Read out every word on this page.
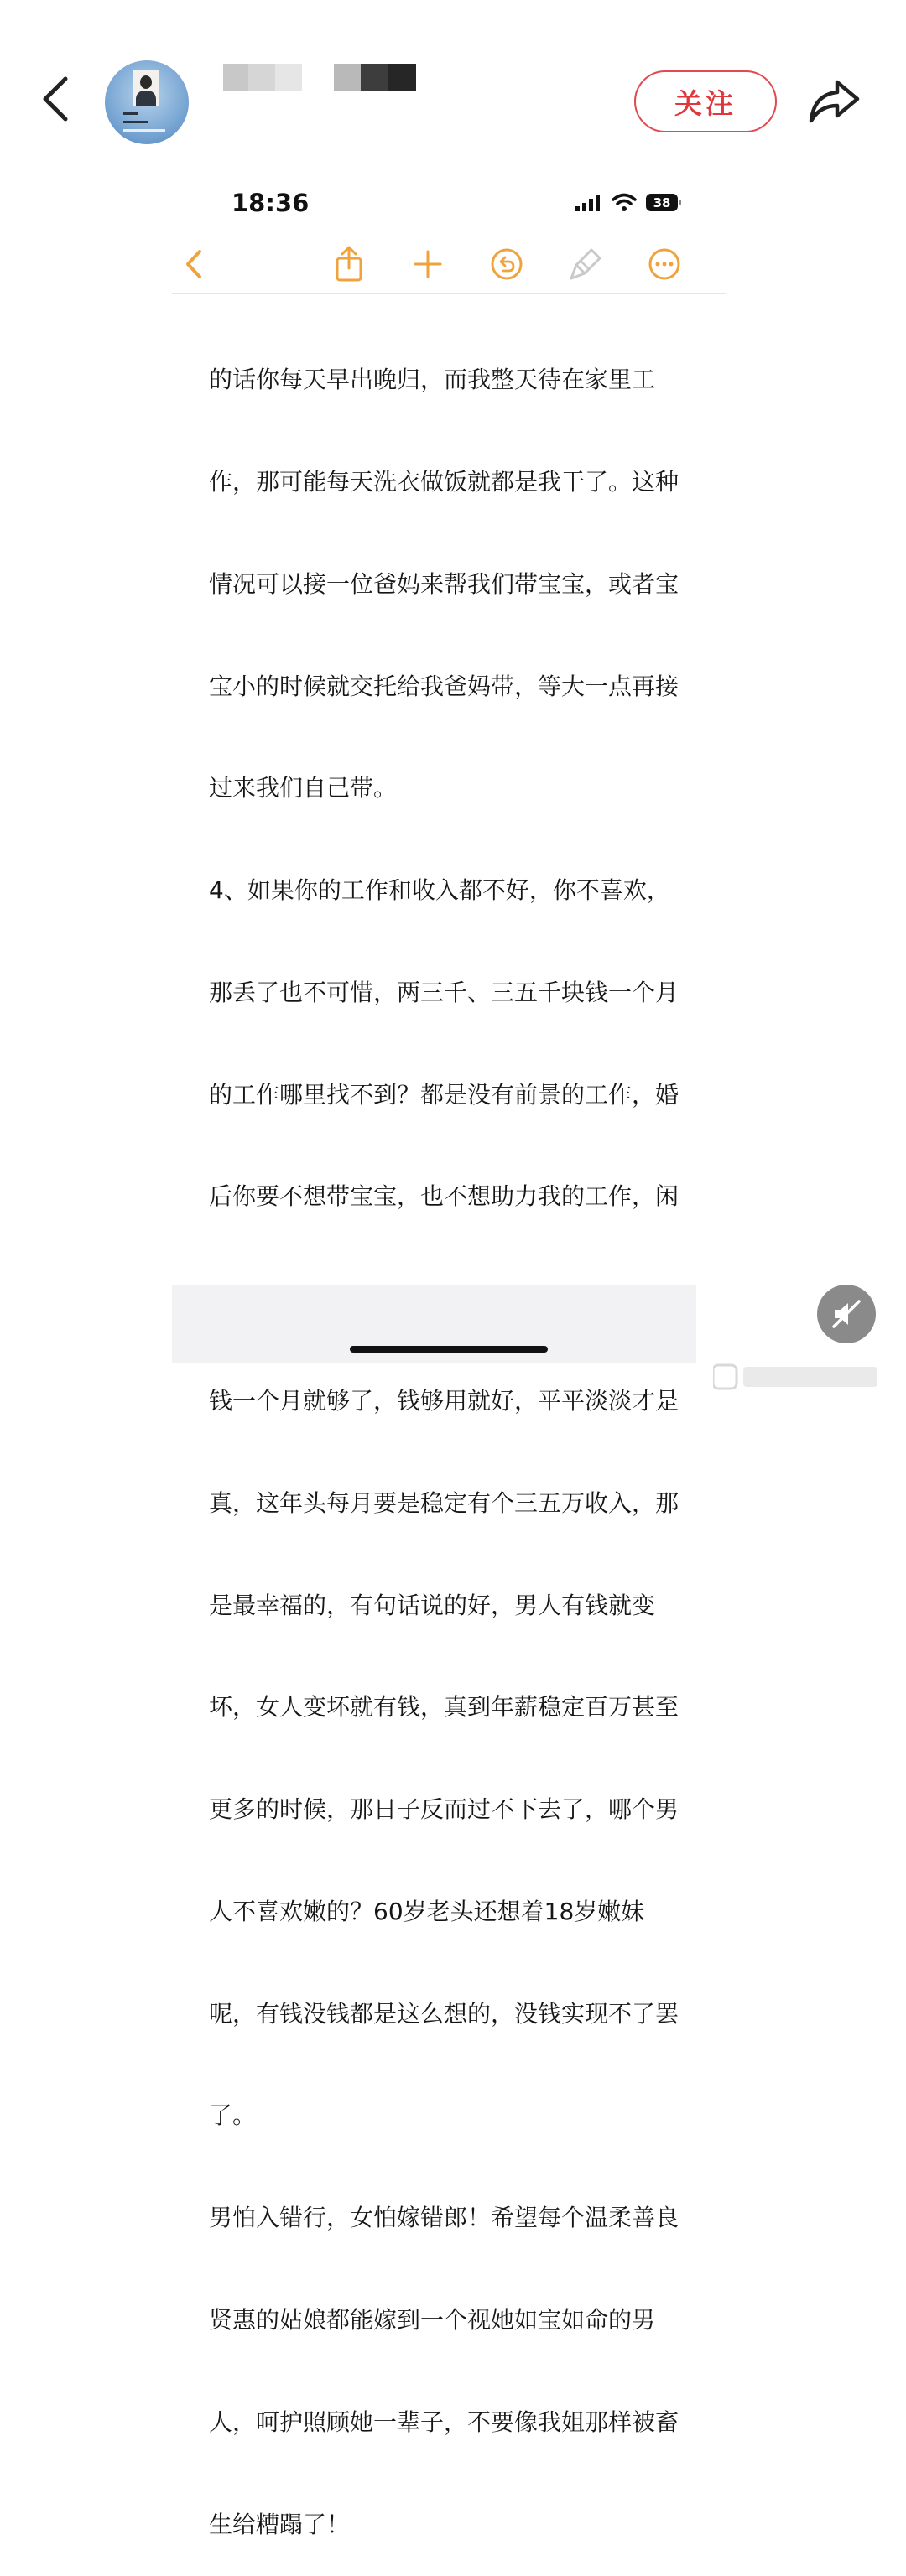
关注
18:36	38

的话你每天早出晚归，而我整天待在家里工

作，那可能每天洗衣做饭就都是我干了。这种

情况可以接一位爸妈来帮我们带宝宝，或者宝

宝小的时候就交托给我爸妈带，等大一点再接

过来我们自己带。

4、如果你的工作和收入都不好，你不喜欢，

那丢了也不可惜，两三千、三五千块钱一个月

的工作哪里找不到？都是没有前景的工作，婚

后你要不想带宝宝，也不想助力我的工作，闲

钱一个月就够了，钱够用就好，平平淡淡才是

真，这年头每月要是稳定有个三五万收入，那

是最幸福的，有句话说的好，男人有钱就变

坏，女人变坏就有钱，真到年薪稳定百万甚至

更多的时候，那日子反而过不下去了，哪个男

人不喜欢嫩的？60岁老头还想着18岁嫩妹

呢，有钱没钱都是这么想的，没钱实现不了罢

了。

男怕入错行，女怕嫁错郎！希望每个温柔善良

贤惠的姑娘都能嫁到一个视她如宝如命的男

人，呵护照顾她一辈子，不要像我姐那样被畜

生给糟蹋了！
